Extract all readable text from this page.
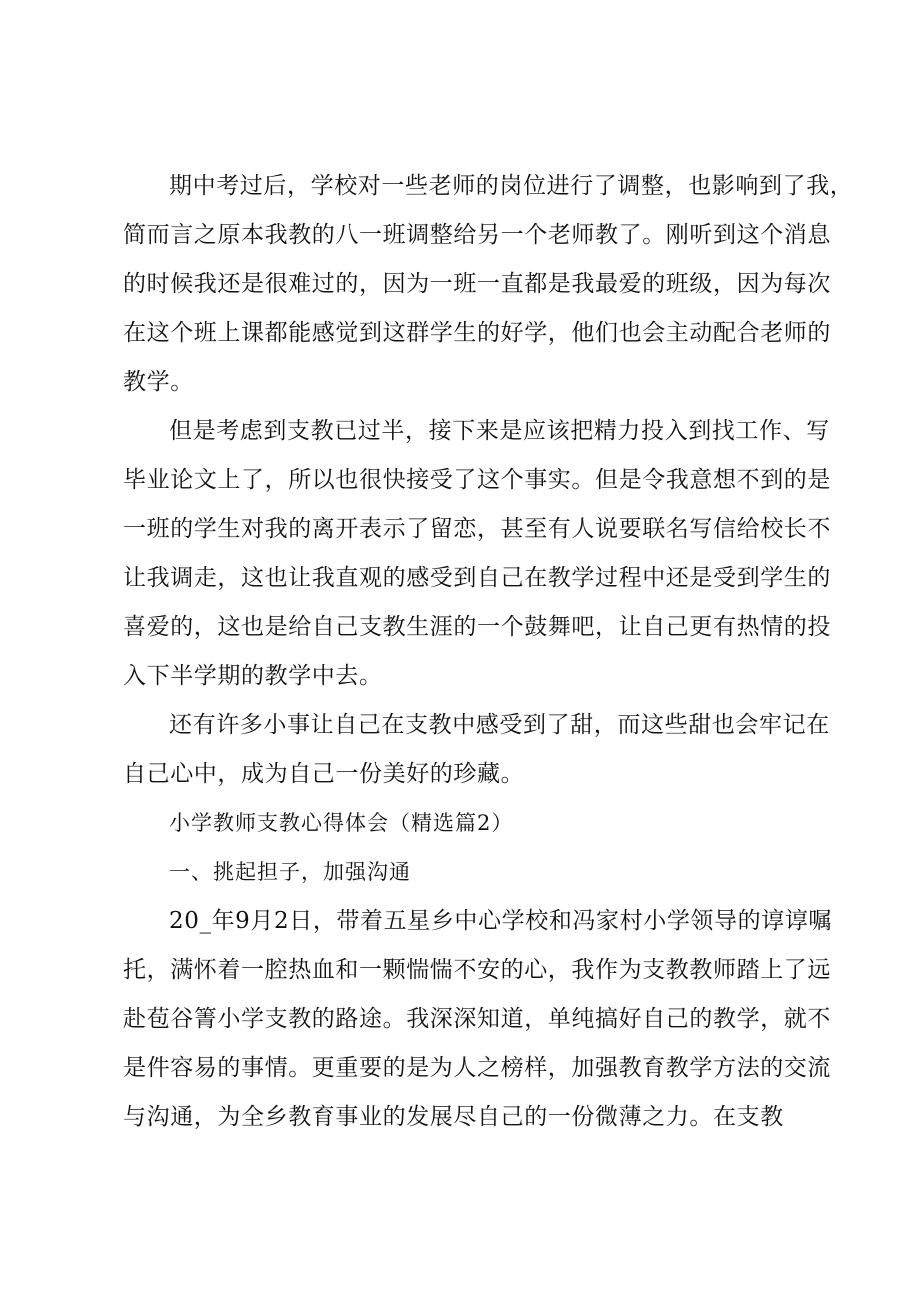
期中考过后，学校对一些老师的岗位进行了调整，也影响到了我，
简而言之原本我教的八一班调整给另一个老师教了。刚听到这个消息
的时候我还是很难过的，因为一班一直都是我最爱的班级，因为每次
在这个班上课都能感觉到这群学生的好学，他们也会主动配合老师的
教学。
但是考虑到支教已过半，接下来是应该把精力投入到找工作、写
毕业论文上了，所以也很快接受了这个事实。但是令我意想不到的是
一班的学生对我的离开表示了留恋，甚至有人说要联名写信给校长不
让我调走，这也让我直观的感受到自己在教学过程中还是受到学生的
喜爱的，这也是给自己支教生涯的一个鼓舞吧，让自己更有热情的投
入下半学期的教学中去。
还有许多小事让自己在支教中感受到了甜，而这些甜也会牢记在
自己心中，成为自己一份美好的珍藏。
小学教师支教心得体会（精选篇2）
一、挑起担子，加强沟通
20_年9月2日，带着五星乡中心学校和冯家村小学领导的谆谆嘱
托，满怀着一腔热血和一颗惴惴不安的心，我作为支教教师踏上了远
赴苞谷箐小学支教的路途。我深深知道，单纯搞好自己的教学，就不
是件容易的事情。更重要的是为人之榜样，加强教育教学方法的交流
与沟通，为全乡教育事业的发展尽自己的一份微薄之力。在支教
